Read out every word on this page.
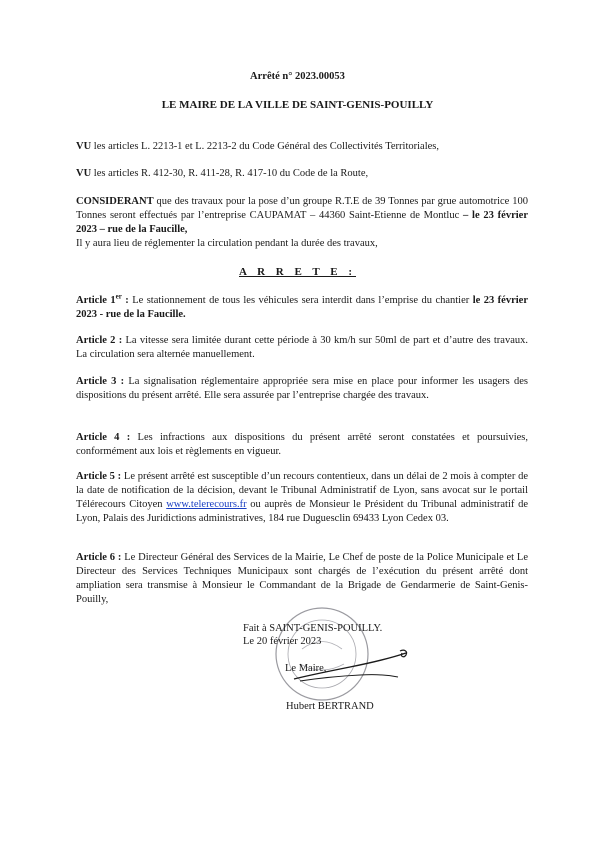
Arrêté n° 2023.00053
LE MAIRE DE LA VILLE DE SAINT-GENIS-POUILLY
VU les articles L. 2213-1 et L. 2213-2 du Code Général des Collectivités Territoriales,
VU les articles R. 412-30, R. 411-28, R. 417-10 du Code de la Route,
CONSIDERANT que des travaux pour la pose d’un groupe R.T.E de 39 Tonnes par grue automotrice 100 Tonnes seront effectués par l’entreprise CAUPAMAT – 44360 Saint-Etienne de Montluc – le 23 février 2023 – rue de la Faucille,
Il y aura lieu de réglementer la circulation pendant la durée des travaux,
A R R E T E :
Article 1er : Le stationnement de tous les véhicules sera interdit dans l’emprise du chantier le 23 février 2023 - rue de la Faucille.
Article 2 : La vitesse sera limitée durant cette période à 30 km/h sur 50ml de part et d’autre des travaux. La circulation sera alternée manuellement.
Article 3 : La signalisation réglementaire appropriée sera mise en place pour informer les usagers des dispositions du présent arrêté. Elle sera assurée par l’entreprise chargée des travaux.
Article 4 : Les infractions aux dispositions du présent arrêté seront constatées et poursuivies, conformément aux lois et règlements en vigueur.
Article 5 : Le présent arrêté est susceptible d’un recours contentieux, dans un délai de 2 mois à compter de la date de notification de la décision, devant le Tribunal Administratif de Lyon, sans avocat sur le portail Télérecours Citoyen www.telerecours.fr ou auprès de Monsieur le Président du Tribunal administratif de Lyon, Palais des Juridictions administratives, 184 rue Duguesclin 69433 Lyon Cedex 03.
Article 6 : Le Directeur Général des Services de la Mairie, Le Chef de poste de la Police Municipale et Le Directeur des Services Techniques Municipaux sont chargés de l’exécution du présent arrêté dont ampliation sera transmise à Monsieur le Commandant de la Brigade de Gendarmerie de Saint-Genis-Pouilly,
Fait à SAINT-GENIS-POUILLY.
Le 20 février 2023
Le Maire,
Hubert BERTRAND
